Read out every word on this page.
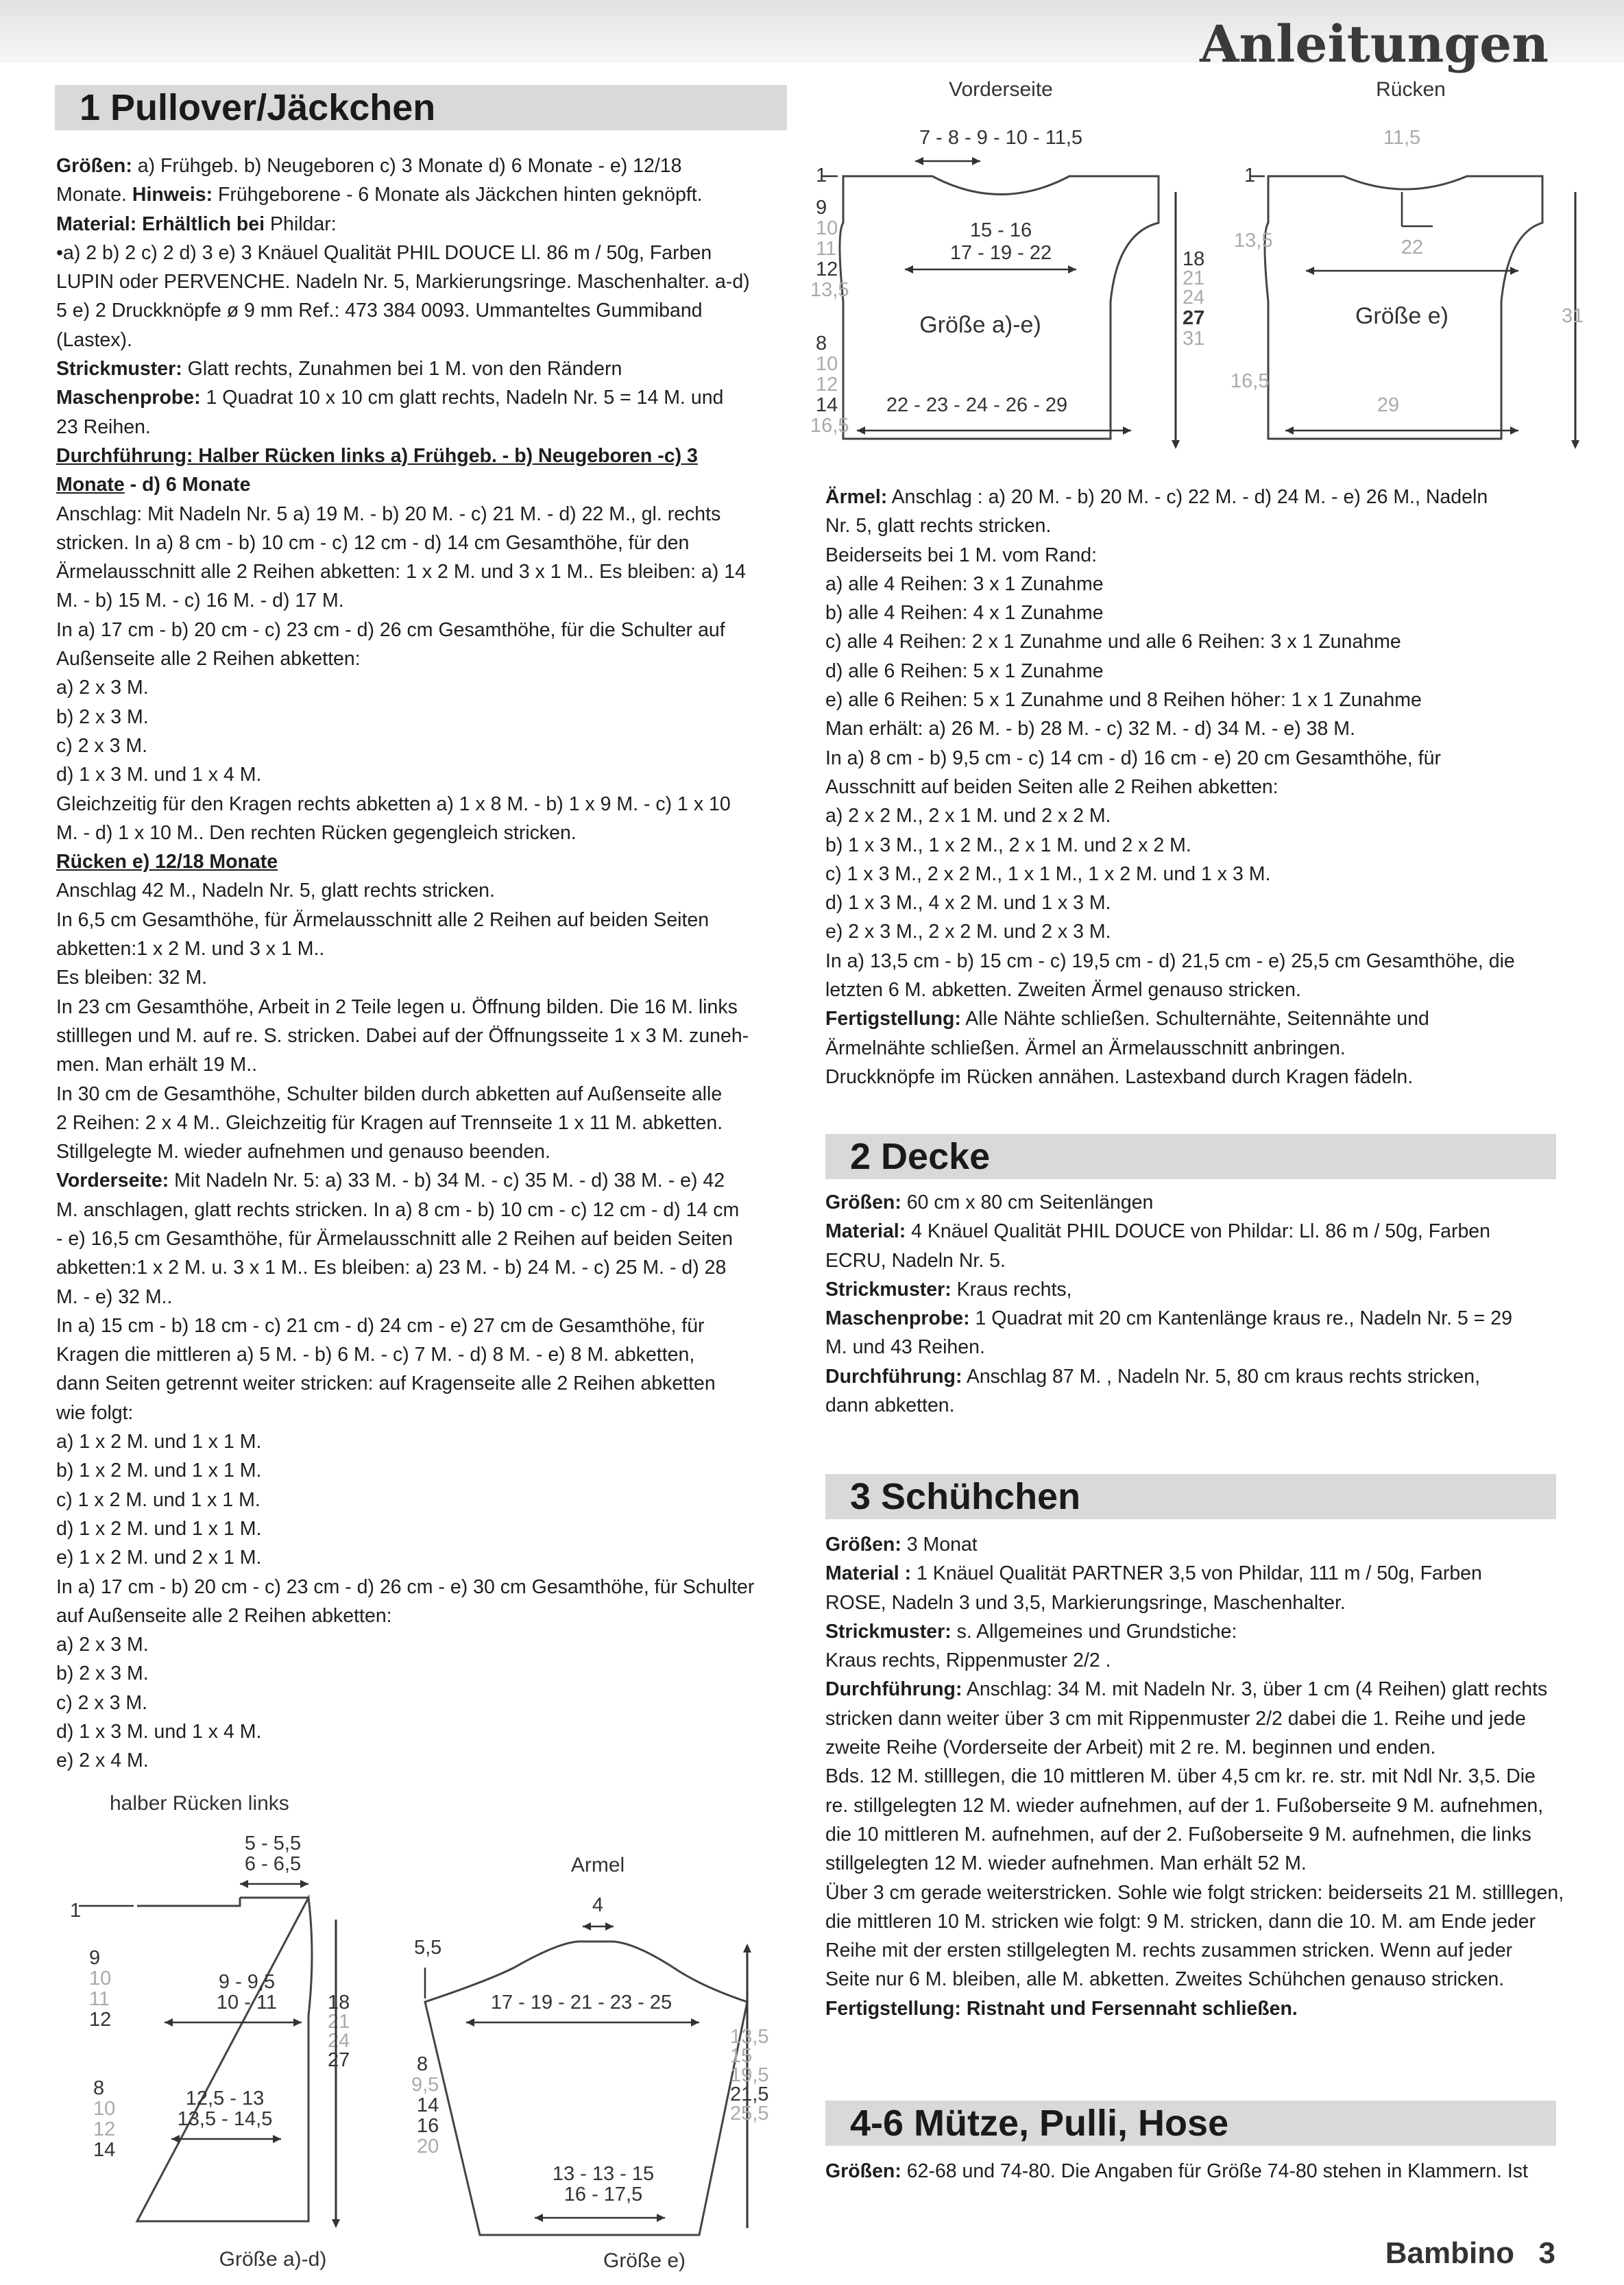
Anleitungen
1 Pullover/Jäckchen

Größen: a) Frühgeb. b) Neugeboren c) 3 Monate d) 6 Monate - e) 12/18

Monate. Hinweis: Frühgeborene - 6 Monate als Jäckchen hinten geknöpft.

Material: Erhältlich bei Phildar:

•a) 2 b) 2 c) 2 d) 3 e) 3 Knäuel Qualität PHIL DOUCE Ll. 86 m / 50g, Farben

LUPIN oder PERVENCHE. Nadeln Nr. 5, Markierungsringe. Maschenhalter. a-d)

5 e) 2 Druckknöpfe ø 9 mm Ref.: 473 384 0093. Ummanteltes Gummiband

(Lastex).

Strickmuster: Glatt rechts, Zunahmen bei 1 M. von den Rändern

Maschenprobe: 1 Quadrat 10 x 10 cm glatt rechts, Nadeln Nr. 5 = 14 M. und

23 Reihen.

Durchführung: Halber Rücken links a) Frühgeb. - b) Neugeboren -c) 3

Monate - d) 6 Monate

Anschlag: Mit Nadeln Nr. 5 a) 19 M. - b) 20 M. - c) 21 M. - d) 22 M., gl. rechts

stricken. In a) 8 cm - b) 10 cm - c) 12 cm - d) 14 cm Gesamthöhe, für den

Ärmelausschnitt alle 2 Reihen abketten: 1 x 2 M. und 3 x 1 M.. Es bleiben: a) 14

M. - b) 15 M. - c) 16 M. - d) 17 M.

In a) 17 cm - b) 20 cm - c) 23 cm - d) 26 cm Gesamthöhe, für die Schulter auf

Außenseite alle 2 Reihen abketten:

a) 2 x 3 M.

b) 2 x 3 M.

c) 2 x 3 M.

d) 1 x 3 M. und 1 x 4 M.

Gleichzeitig für den Kragen rechts abketten a) 1 x 8 M. - b) 1 x 9 M. - c) 1 x 10

M. - d) 1 x 10 M.. Den rechten Rücken gegengleich stricken.

Rücken e) 12/18 Monate

Anschlag 42 M., Nadeln Nr. 5, glatt rechts stricken.

In 6,5 cm Gesamthöhe, für Ärmelausschnitt alle 2 Reihen auf beiden Seiten

abketten:1 x 2 M. und 3 x 1 M..

Es bleiben: 32 M.

In 23 cm Gesamthöhe, Arbeit in 2 Teile legen u. Öffnung bilden. Die 16 M. links

stilllegen und M. auf re. S. stricken. Dabei auf der Öffnungsseite 1 x 3 M. zuneh-

men. Man erhält 19 M..

In 30 cm de Gesamthöhe, Schulter bilden durch abketten auf Außenseite alle

2 Reihen: 2 x 4 M.. Gleichzeitig für Kragen auf Trennseite 1 x 11 M. abketten.

Stillgelegte M. wieder aufnehmen und genauso beenden.

Vorderseite: Mit Nadeln Nr. 5: a) 33 M. - b) 34 M. - c) 35 M. - d) 38 M. - e) 42

M. anschlagen, glatt rechts stricken. In a) 8 cm - b) 10 cm - c) 12 cm - d) 14 cm

- e) 16,5 cm Gesamthöhe, für Ärmelausschnitt alle 2 Reihen auf beiden Seiten

abketten:1 x 2 M. u. 3 x 1 M.. Es bleiben: a) 23 M. - b) 24 M. - c) 25 M. - d) 28

M. - e) 32 M..

In a) 15 cm - b) 18 cm - c) 21 cm - d) 24 cm - e) 27 cm de Gesamthöhe, für

Kragen die mittleren a) 5 M. - b) 6 M. - c) 7 M. - d) 8 M. - e) 8 M. abketten,

dann Seiten getrennt weiter stricken: auf Kragenseite alle 2 Reihen abketten

wie folgt:

a) 1 x 2 M. und 1 x 1 M.

b) 1 x 2 M. und 1 x 1 M.

c) 1 x 2 M. und 1 x 1 M.

d) 1 x 2 M. und 1 x 1 M.

e) 1 x 2 M. und 2 x 1 M.

In a) 17 cm - b) 20 cm - c) 23 cm - d) 26 cm - e) 30 cm Gesamthöhe, für Schulter

auf Außenseite alle 2 Reihen abketten:

a) 2 x 3 M.

b) 2 x 3 M.

c) 2 x 3 M.

d) 1 x 3 M. und 1 x 4 M.

e) 2 x 4 M.

Ärmel: Anschlag : a) 20 M. - b) 20 M. - c) 22 M. - d) 24 M. - e) 26 M., Nadeln

Nr. 5, glatt rechts stricken.

Beiderseits bei 1 M. vom Rand:

a) alle 4 Reihen: 3 x 1 Zunahme

b) alle 4 Reihen: 4 x 1 Zunahme

c) alle 4 Reihen: 2 x 1 Zunahme und alle 6 Reihen: 3 x 1 Zunahme

d) alle 6 Reihen: 5 x 1 Zunahme

e) alle 6 Reihen: 5 x 1 Zunahme und 8 Reihen höher: 1 x 1 Zunahme

Man erhält: a) 26 M. - b) 28 M. - c) 32 M. - d) 34 M. - e) 38 M.

In a) 8 cm - b) 9,5 cm - c) 14 cm - d) 16 cm - e) 20 cm Gesamthöhe, für

Ausschnitt auf beiden Seiten alle 2 Reihen abketten:

a) 2 x 2 M., 2 x 1 M. und 2 x 2 M.

b) 1 x 3 M., 1 x 2 M., 2 x 1 M. und 2 x 2 M.

c) 1 x 3 M., 2 x 2 M., 1 x 1 M., 1 x 2 M. und 1 x 3 M.

d) 1 x 3 M., 4 x 2 M. und 1 x 3 M.

e) 2 x 3 M., 2 x 2 M. und 2 x 3 M.

In a) 13,5 cm - b) 15 cm - c) 19,5 cm - d) 21,5 cm - e) 25,5 cm Gesamthöhe, die

letzten 6 M. abketten. Zweiten Ärmel genauso stricken.

Fertigstellung: Alle Nähte schließen. Schulternähte, Seitennähte und

Ärmelnähte schließen. Ärmel an Ärmelausschnitt anbringen.

Druckknöpfe im Rücken annähen. Lastexband durch Kragen fädeln.

2 Decke

Größen: 60 cm x 80 cm Seitenlängen

Material: 4 Knäuel Qualität PHIL DOUCE von Phildar: Ll. 86 m / 50g, Farben

ECRU, Nadeln Nr. 5.

Strickmuster: Kraus rechts,

Maschenprobe: 1 Quadrat mit 20 cm Kantenlänge kraus re., Nadeln Nr. 5 = 29

M. und 43 Reihen.

Durchführung: Anschlag 87 M. , Nadeln Nr. 5, 80 cm kraus rechts stricken,

dann abketten.

3 Schühchen

Größen: 3 Monat

Material : 1 Knäuel Qualität PARTNER 3,5 von Phildar, 111 m / 50g, Farben

ROSE, Nadeln 3 und 3,5, Markierungsringe, Maschenhalter.

Strickmuster: s. Allgemeines und Grundstiche:

Kraus rechts, Rippenmuster 2/2 .

Durchführung: Anschlag: 34 M. mit Nadeln Nr. 3, über 1 cm (4 Reihen) glatt rechts

stricken dann weiter über 3 cm mit Rippenmuster 2/2 dabei die 1. Reihe und jede

zweite Reihe (Vorderseite der Arbeit) mit 2 re. M. beginnen und enden.

Bds. 12 M. stilllegen, die 10 mittleren M. über 4,5 cm kr. re. str. mit Ndl Nr. 3,5. Die

re. stillgelegten 12 M. wieder aufnehmen, auf der 1. Fußoberseite 9 M. aufnehmen,

die 10 mittleren M. aufnehmen, auf der 2. Fußoberseite 9 M. aufnehmen, die links

stillgelegten 12 M. wieder aufnehmen. Man erhält 52 M.

Über 3 cm gerade weiterstricken. Sohle wie folgt stricken: beiderseits 21 M. stilllegen,

die mittleren 10 M. stricken wie folgt: 9 M. stricken, dann die 10. M. am Ende jeder

Reihe mit der ersten stillgelegten M. rechts zusammen stricken. Wenn auf jeder

Seite nur 6 M. bleiben, alle M. abketten. Zweites Schühchen genauso stricken.

Fertigstellung: Ristnaht und Fersennaht schließen.

4-6 Mütze, Pulli, Hose

Größen: 62-68 und 74-80. Die Angaben für Größe 74-80 stehen in Klammern. Ist

Vorderseite
7 - 8 - 9 - 10 - 11,5
1
9
10
11
12
13,5
15 - 16
17 - 19 - 22
Größe a)-e)
8
10
12
14
16,5
22 - 23 - 24 - 26 - 29
18
21
24
27
31
Rücken
11,5
1
13,5	22
Größe e)
16,5
29
31
halber Rücken links
5 - 5,5
6 - 6,5
1
9
10
11
12
9 - 9,5
10 - 11	18
21
24
27
8
10
12
14
12,5 - 13
13,5 - 14,5
Größe a)-d)
Armel
4
5,5
17 - 19 - 21 - 23 - 25
8
9,5
14
16
20
13,5
15
19,5
21,5
25,5
13 - 13 - 15
16 - 17,5
Größe e)	Bambino 3
